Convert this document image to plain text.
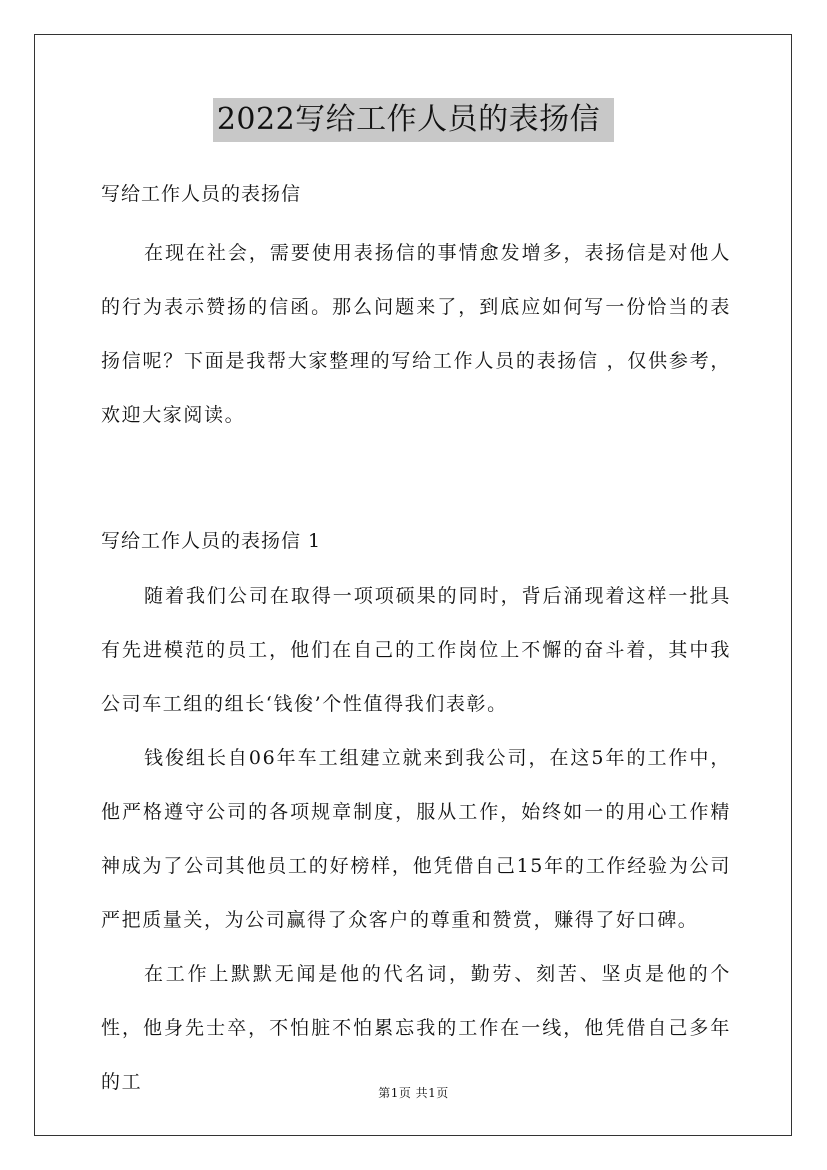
2022写给工作人员的表扬信
写给工作人员的表扬信

在现在社会，需要使用表扬信的事情愈发增多，表扬信是对他人的行为表示赞扬的信函。那么问题来了，到底应如何写一份恰当的表扬信呢？下面是我帮大家整理的写给工作人员的表扬信 ，仅供参考，欢迎大家阅读。

写给工作人员的表扬信 1

随着我们公司在取得一项项硕果的同时，背后涌现着这样一批具有先进模范的员工，他们在自己的工作岗位上不懈的奋斗着，其中我公司车工组的组长‘钱俊’个性值得我们表彰。

钱俊组长自06年车工组建立就来到我公司，在这5年的工作中，他严格遵守公司的各项规章制度，服从工作，始终如一的用心工作精神成为了公司其他员工的好榜样，他凭借自己15年的工作经验为公司严把质量关，为公司赢得了众客户的尊重和赞赏，赚得了好口碑。

在工作上默默无闻是他的代名词，勤劳、刻苦、坚贞是他的个性，他身先士卒，不怕脏不怕累忘我的工作在一线，他凭借自己多年的工	第1页 共1页
